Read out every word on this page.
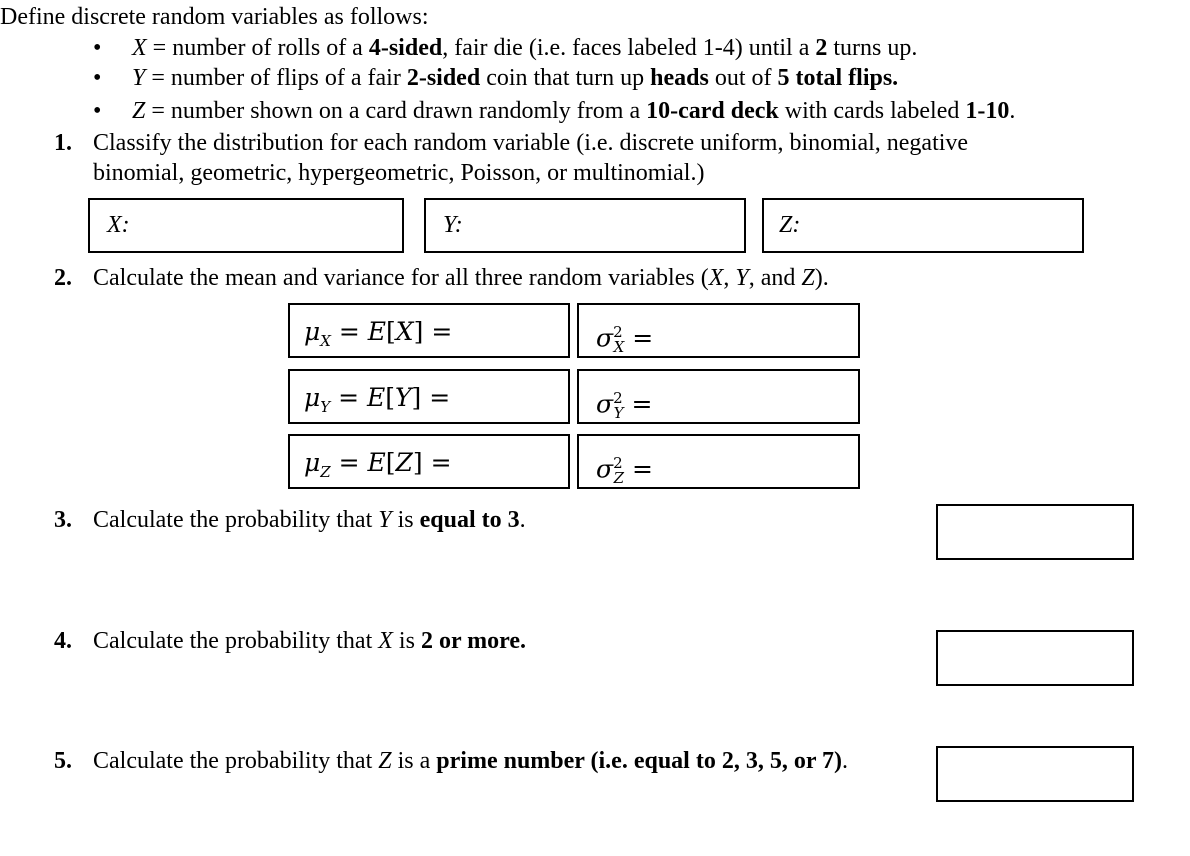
Define discrete random variables as follows:
• X = number of rolls of a 4-sided, fair die (i.e. faces labeled 1-4) until a 2 turns up.
• Y = number of flips of a fair 2-sided coin that turn up heads out of 5 total flips.
• Z = number shown on a card drawn randomly from a 10-card deck with cards labeled 1-10.
1. Classify the distribution for each random variable (i.e. discrete uniform, binomial, negative
binomial, geometric, hypergeometric, Poisson, or multinomial.)
X:	Y:	Z:
2. Calculate the mean and variance for all three random variables (X, Y, and Z).
$\mu_X = E[X]$ =	$\sigma^2_X$ =
$\mu_Y = E[Y]$ =	$\sigma^2_Y$ =
$\mu_Z = E[Z]$ =	$\sigma^2_Z$ =
3. Calculate the probability that Y is equal to 3.
4. Calculate the probability that X is 2 or more.
5. Calculate the probability that Z is a prime number (i.e. equal to 2, 3, 5, or 7).
